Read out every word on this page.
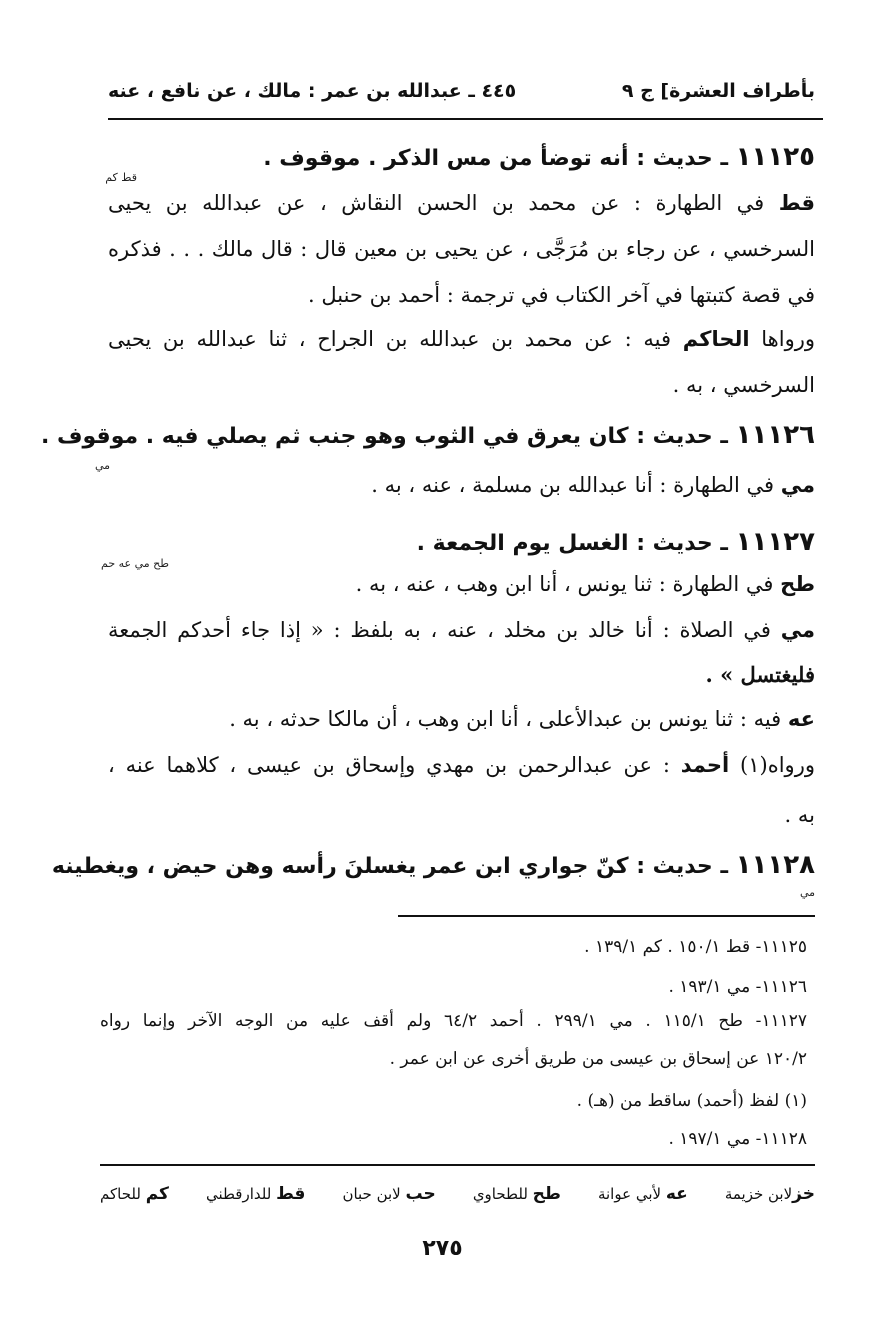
بأطراف العشرة] ج ٩
٤٤٥ ـ عبدالله بن عمر : مالك ، عن نافع ، عنه
١١١٢٥ ـ حديث : أنه توضأ من مس الذكر . موقوف .
قط كم
قط في الطهارة : عن محمد بن الحسن النقاش ، عن عبدالله بن يحيى
السرخسي ، عن رجاء بن مُرَجَّى ، عن يحيى بن معين قال : قال مالك . . . فذكره
في قصة كتبتها في آخر الكتاب في ترجمة : أحمد بن حنبل .
ورواها الحاكم فيه : عن محمد بن عبدالله بن الجراح ، ثنا عبدالله بن يحيى
السرخسي ، به .
١١١٢٦ ـ حديث : كان يعرق في الثوب وهو جنب ثم يصلي فيه . موقوف .
مي
مي في الطهارة : أنا عبدالله بن مسلمة ، عنه ، به .
١١١٢٧ ـ حديث : الغسل يوم الجمعة .
طح مي عه حم
طح في الطهارة : ثنا يونس ، أنا ابن وهب ، عنه ، به .
مي في الصلاة : أنا خالد بن مخلد ، عنه ، به بلفظ : « إذا جاء أحدكم الجمعة
فليغتسل » .
عه فيه : ثنا يونس بن عبدالأعلى ، أنا ابن وهب ، أن مالكا حدثه ، به .
ورواه(١) أحمد : عن عبدالرحمن بن مهدي وإسحاق بن عيسى ، كلاهما عنه ،
به .
١١١٢٨ ـ حديث : كنّ جواري ابن عمر يغسلنَ رأسه وهن حيض ، ويغطينه
مي
١١١٢٥- قط ١٥٠/١ . كم ١٣٩/١ .
١١١٢٦- مي ١٩٣/١ .
١١١٢٧- طح ١١٥/١ . مي ٢٩٩/١ . أحمد ٦٤/٢ ولم أقف عليه من الوجه الآخر وإنما رواه
١٢٠/٢ عن إسحاق بن عيسى من طريق أخرى عن ابن عمر .
(١) لفظ (أحمد) ساقط من (هـ) .
١١١٢٨- مي ١٩٧/١ .
خزلابن خزيمة
عه لأبي عوانة
طح للطحاوي
حب لابن حبان
قط للدارقطني
كم للحاكم
٢٧٥
